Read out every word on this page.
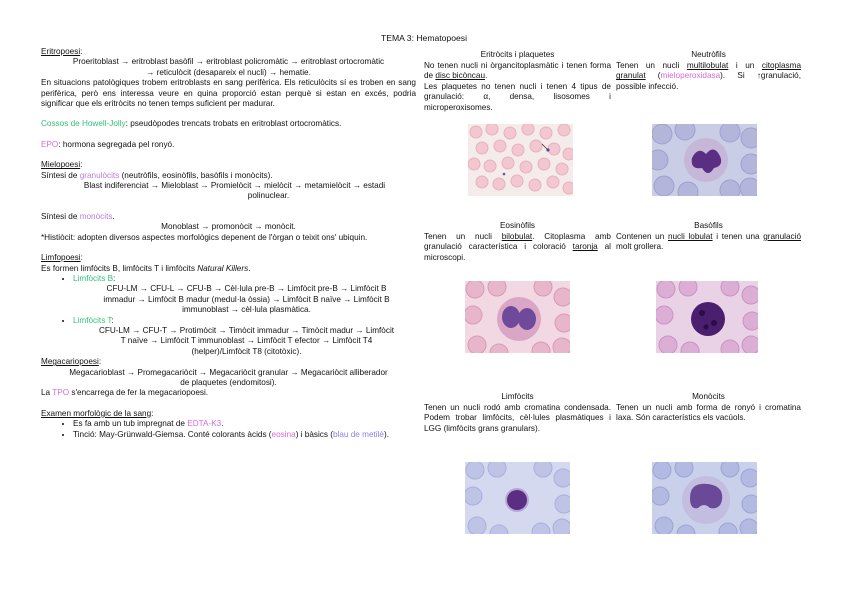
TEMA 3: Hematopoesi
Eritropoesi:
Proeritoblast → eritroblast basòfil → eritroblast policromàtic → eritroblast ortocromàtic
→ reticulòcit (desapareix el nucli) → hematie.
En situacions patològiques trobem eritroblasts en sang perifèrica. Els reticulòcits sí es troben en sang perifèrica, però ens interessa veure en quina proporció estan perquè si estan en excés, podria significar que els eritròcits no tenen temps suficient per madurar.
Cossos de Howell-Jolly: pseudòpodes trencats trobats en eritroblast ortocromàtics.
EPO: hormona segregada pel ronyó.
Mielopoesi:
Síntesi de granulòcits (neutròfils, eosinòfils, basòfils i monòcits).
Blast indiferenciat → Mieloblast → Promielòcit → mielòcit → metamielòcit → estadi
polinuclear.
Síntesi de monòcits.
Monoblast → promonòcit → monòcit.
*Histiòcit: adopten diversos aspectes morfològics depenent de l'òrgan o teixit ons' ubiquin.
Limfopoesi:
Es formen limfòcits B, limfòcits T i limfòcits Natural Killers.
• Limfòcits B:
CFU-LM → CFU-L → CFU-B → Cèl·lula pre-B → Limfòcit pre-B → Limfòcit B
immadur → Limfòcit B madur (medul·la òssia) → Limfòcit B naïve → Limfòcit B
immunoblast → cèl·lula plasmàtica.
• Limfòcits T:
CFU-LM → CFU-T → Protimòcit → Timòcit immadur → Timòcit madur → Limfòcit
T naïve → Limfòcit T immunoblast → Limfòcit T efector → Limfòcit T4
(helper)/Limfòcit T8 (citotòxic).
Megacariopoesi:
Megacarioblast → Promegacariòcit → Megacariòcit granular → Megacariòcit alliberador
de plaquetes (endomitosi).
La TPO s'encarrega de fer la megacariopoesi.
Examen morfològic de la sang:
• Es fa amb un tub impregnat de EDTA-K3.
• Tinció: May-Grünwald-Giemsa. Conté colorants àcids (eosina) i bàsics (blau de metilè).
Eritròcits i plaquetes
No tenen nucli ni òrgancitoplasmàtic i tenen forma de disc bicòncau.
Les plaquetes no tenen nucli i tenen 4 tipus de granulació: α, densa, lisosomes i microperoxisomes.
Neutròfils
Tenen un nucli multilobulat i un citoplasma granulat (mieloperoxidasa). Si ↑granulació, possible infecció.
Eosinòfils
Tenen un nucli bilobulat. Citoplasma amb granulació característica i coloració taronja al microscopi.
Basòfils
Contenen un nucli lobulat i tenen una granulació molt grollera.
Limfòcits
Tenen un nucli rodó amb cromatina condensada. Podem trobar limfòcits, cèl·lules plasmàtiques i LGG (limfòcits grans granulars).
Monòcits
Tenen un nucli amb forma de ronyó i cromatina laxa. Són característics els vacúols.
